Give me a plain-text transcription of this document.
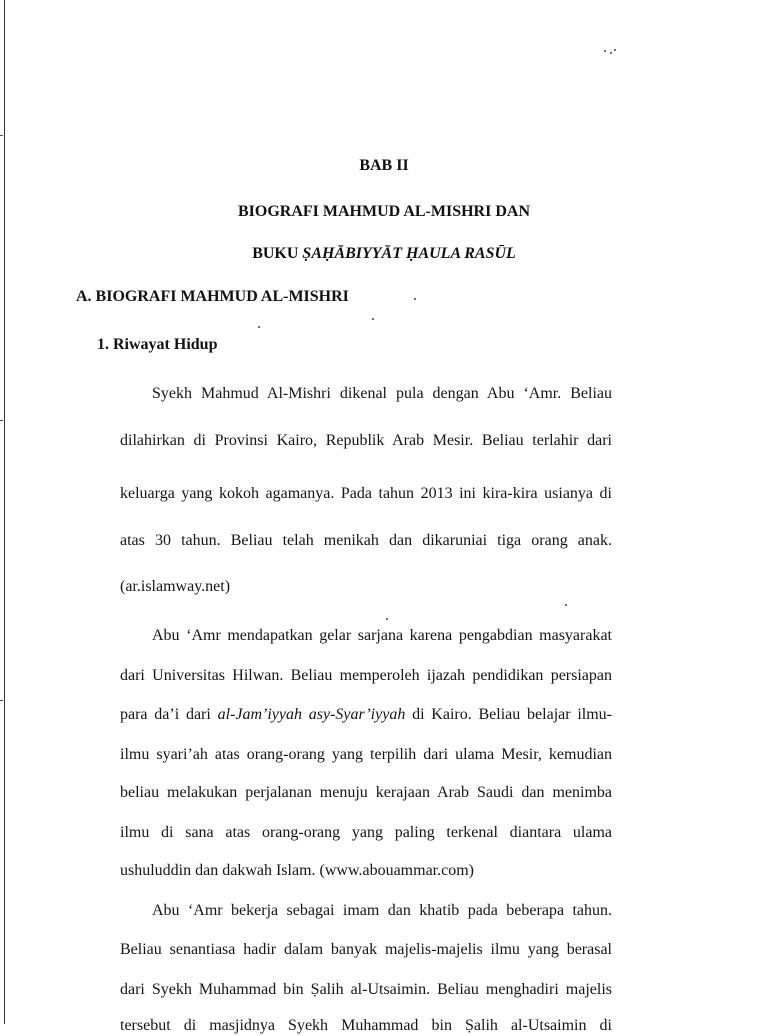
BAB II
BIOGRAFI MAHMUD AL-MISHRI DAN
BUKU ṢAḤĀBIYYĀT ḤAULA RASŪL
A. BIOGRAFI MAHMUD AL-MISHRI
1. Riwayat Hidup
Syekh Mahmud Al-Mishri dikenal pula dengan Abu ‘Amr. Beliau
dilahirkan di Provinsi Kairo, Republik Arab Mesir. Beliau terlahir dari
keluarga yang kokoh agamanya. Pada tahun 2013 ini kira-kira usianya di
atas 30 tahun. Beliau telah menikah dan dikaruniai tiga orang anak.
(ar.islamway.net)
Abu ‘Amr mendapatkan gelar sarjana karena pengabdian masyarakat
dari Universitas Hilwan. Beliau memperoleh ijazah pendidikan persiapan
para da’i dari al-Jam’iyyah asy-Syar’iyyah di Kairo. Beliau belajar ilmu-
ilmu syari’ah atas orang-orang yang terpilih dari ulama Mesir, kemudian
beliau melakukan perjalanan menuju kerajaan Arab Saudi dan menimba
ilmu di sana atas orang-orang yang paling terkenal diantara ulama
ushuluddin dan dakwah Islam. (www.abouammar.com)
Abu ‘Amr bekerja sebagai imam dan khatib pada beberapa tahun.
Beliau senantiasa hadir dalam banyak majelis-majelis ilmu yang berasal
dari Syekh Muhammad bin Ṣalih al-Utsaimin. Beliau menghadiri majelis
tersebut di masjidnya Syekh Muhammad bin Ṣalih al-Utsaimin di
